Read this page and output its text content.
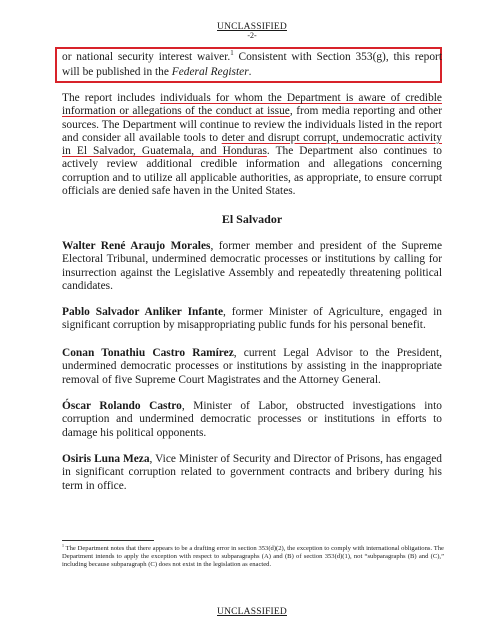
UNCLASSIFIED
-2-
or national security interest waiver.$^1$ Consistent with Section 353(g), this report will be published in the Federal Register.
The report includes individuals for whom the Department is aware of credible information or allegations of the conduct at issue, from media reporting and other sources. The Department will continue to review the individuals listed in the report and consider all available tools to deter and disrupt corrupt, undemocratic activity in El Salvador, Guatemala, and Honduras. The Department also continues to actively review additional credible information and allegations concerning corruption and to utilize all applicable authorities, as appropriate, to ensure corrupt officials are denied safe haven in the United States.
El Salvador
Walter René Araujo Morales, former member and president of the Supreme Electoral Tribunal, undermined democratic processes or institutions by calling for insurrection against the Legislative Assembly and repeatedly threatening political candidates.
Pablo Salvador Anliker Infante, former Minister of Agriculture, engaged in significant corruption by misappropriating public funds for his personal benefit.
Conan Tonathiu Castro Ramírez, current Legal Advisor to the President, undermined democratic processes or institutions by assisting in the inappropriate removal of five Supreme Court Magistrates and the Attorney General.
Óscar Rolando Castro, Minister of Labor, obstructed investigations into corruption and undermined democratic processes or institutions in efforts to damage his political opponents.
Osiris Luna Meza, Vice Minister of Security and Director of Prisons, has engaged in significant corruption related to government contracts and bribery during his term in office.
$^1$ The Department notes that there appears to be a drafting error in section 353(d)(2), the exception to comply with international obligations. The Department intends to apply the exception with respect to subparagraphs (A) and (B) of section 353(d)(1), not “subparagraphs (B) and (C),” including because subparagraph (C) does not exist in the legislation as enacted.
UNCLASSIFIED
